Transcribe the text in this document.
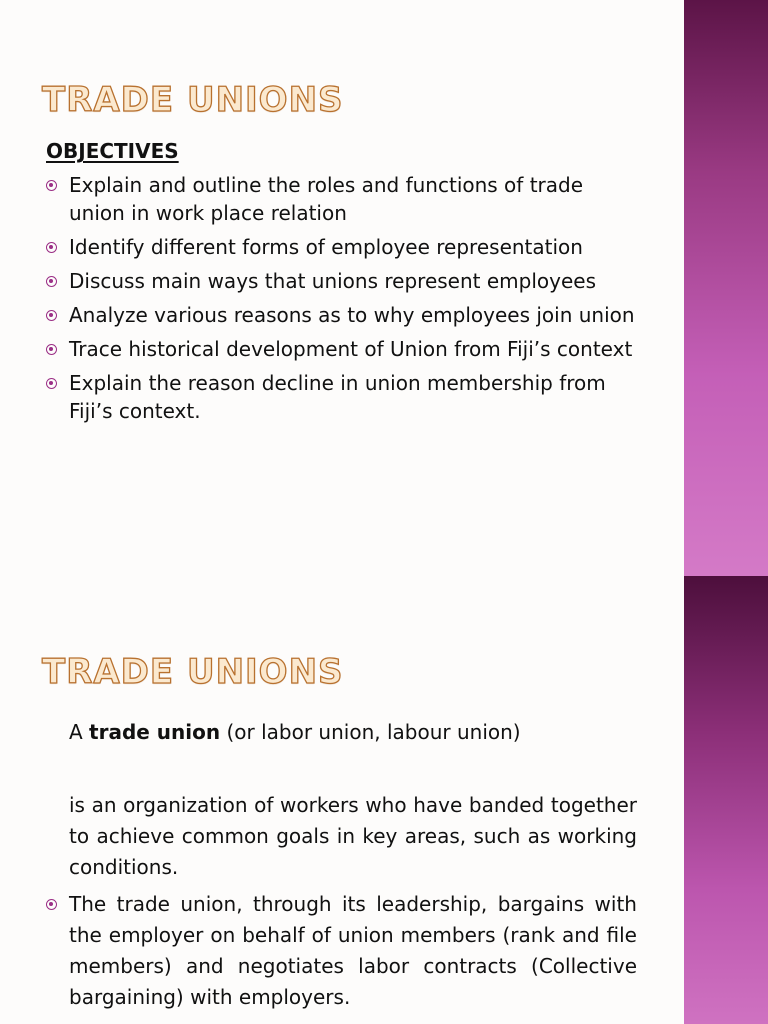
TRADE UNIONS
OBJECTIVES
Explain and outline the roles and functions of trade union in work place relation
Identify different forms of employee representation
Discuss main ways that unions represent employees
Analyze various reasons as to why employees join union
Trace historical development of Union from Fiji’s context
Explain the reason decline in union membership from Fiji’s context.
TRADE UNIONS

A trade union (or labor union, labour union)

is an organization of workers who have banded together to achieve common goals in key areas, such as working conditions.

The trade union, through its leadership, bargains with the employer on behalf of union members (rank and file members) and negotiates labor contracts (Collective bargaining) with employers.
